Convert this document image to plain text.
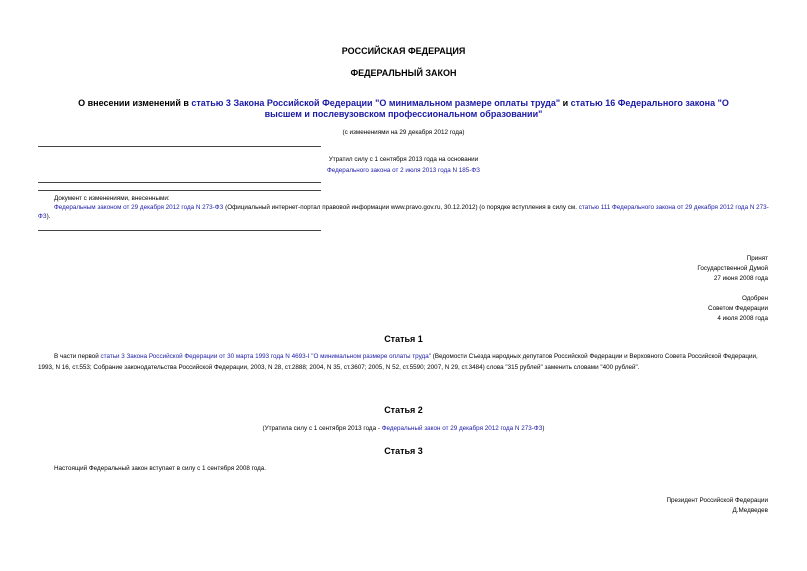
РОССИЙСКАЯ ФЕДЕРАЦИЯ
ФЕДЕРАЛЬНЫЙ ЗАКОН
О внесении изменений в статью 3 Закона Российской Федерации "О минимальном размере оплаты труда" и статью 16 Федерального закона "О высшем и послевузовском профессиональном образовании"
(с изменениями на 29 декабря 2012 года)
Утратил силу с 1 сентября 2013 года на основании
Федерального закона от 2 июля 2013 года N 185-ФЗ
Документ с изменениями, внесенными:
Федеральным законом от 29 декабря 2012 года N 273-ФЗ (Официальный интернет-портал правовой информации www.pravo.gov.ru, 30.12.2012) (о порядке вступления в силу см. статью 111 Федерального закона от 29 декабря 2012 года N 273-ФЗ).
Принят
Государственной Думой
27 июня 2008 года
Одобрен
Советом Федерации
4 июля 2008 года
Статья 1
В части первой статьи 3 Закона Российской Федерации от 30 марта 1993 года N 4693-I "О минимальном размере оплаты труда" (Ведомости Съезда народных депутатов Российской Федерации и Верховного Совета Российской Федерации, 1993, N 16, ст.553; Собрание законодательства Российской Федерации, 2003, N 28, ст.2888; 2004, N 35, ст.3607; 2005, N 52, ст.5590; 2007, N 29, ст.3484) слова "315 рублей" заменить словами "400 рублей".
Статья 2
(Утратила силу с 1 сентября 2013 года - Федеральный закон от 29 декабря 2012 года N 273-ФЗ)
Статья 3
Настоящий Федеральный закон вступает в силу с 1 сентября 2008 года.
Президент Российской Федерации
Д.Медведев
